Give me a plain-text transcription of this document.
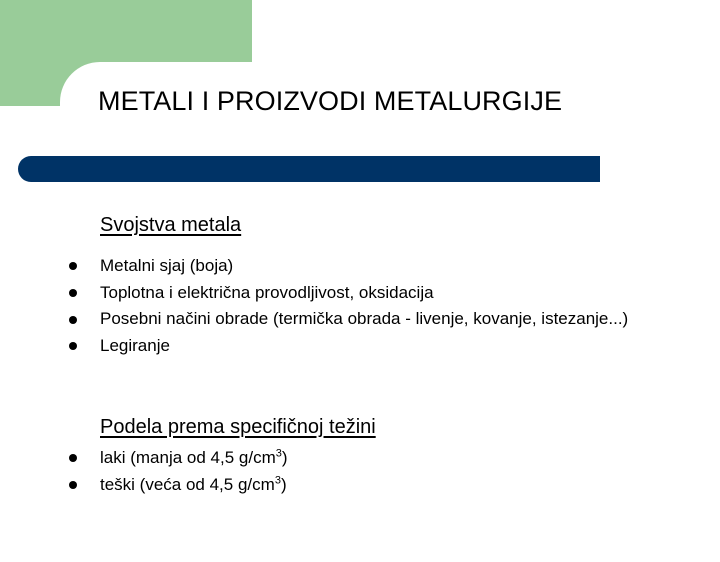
METALI I PROIZVODI METALURGIJE
Svojstva metala
Metalni sjaj (boja)
Toplotna i električna provodljivost, oksidacija
Posebni načini obrade (termička obrada - livenje, kovanje, istezanje...)
Legiranje
Podela prema specifičnoj težini
laki (manja od 4,5 $g/cm^3$)
teški (veća od 4,5 $g/cm^3$)
